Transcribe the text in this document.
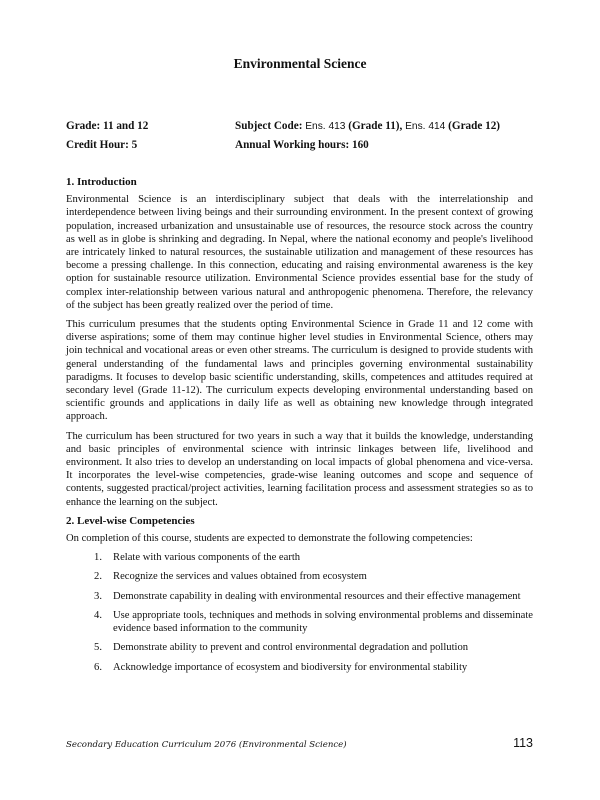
Environmental Science
Grade: 11 and 12	Subject Code: Ens. 413 (Grade 11), Ens. 414 (Grade 12)
Credit Hour: 5	Annual Working hours: 160
1. Introduction

Environmental Science is an interdisciplinary subject that deals with the interrelationship and interdependence between living beings and their surrounding environment. In the present context of growing population, increased urbanization and unsustainable use of resources, the resource stock across the country as well as in globe is shrinking and degrading. In Nepal, where the national economy and people's livelihood are intricately linked to natural resources, the sustainable utilization and management of these resources has become a pressing challenge. In this connection, educating and raising environmental awareness is the key option for sustainable resource utilization. Environmental Science provides essential base for the study of complex inter-relationship between various natural and anthropogenic phenomena. Therefore, the relevancy of the subject has been greatly realized over the period of time.

This curriculum presumes that the students opting Environmental Science in Grade 11 and 12 come with diverse aspirations; some of them may continue higher level studies in Environmental Science, others may join technical and vocational areas or even other streams. The curriculum is designed to provide students with general understanding of the fundamental laws and principles governing environmental sustainability paradigms. It focuses to develop basic scientific understanding, skills, competences and attitudes required at secondary level (Grade 11-12). The curriculum expects developing environmental understanding based on scientific grounds and applications in daily life as well as obtaining new knowledge through integrated approach.

The curriculum has been structured for two years in such a way that it builds the knowledge, understanding and basic principles of environmental science with intrinsic linkages between life, livelihood and environment. It also tries to develop an understanding on local impacts of global phenomena and vice-versa. It incorporates the level-wise competencies, grade-wise leaning outcomes and scope and sequence of contents, suggested practical/project activities, learning facilitation process and assessment strategies so as to enhance the learning on the subject.

2. Level-wise Competencies

On completion of this course, students are expected to demonstrate the following competencies:

1.	Relate with various components of the earth
2.	Recognize the services and values obtained from ecosystem
3.	Demonstrate capability in dealing with environmental resources and their effective management
4.	Use appropriate tools, techniques and methods in solving environmental problems and disseminate evidence based information to the community
5.	Demonstrate ability to prevent and control environmental degradation and pollution
6.	Acknowledge importance of ecosystem and biodiversity for environmental stability
Secondary Education Curriculum 2076 (Environmental Science)	113
